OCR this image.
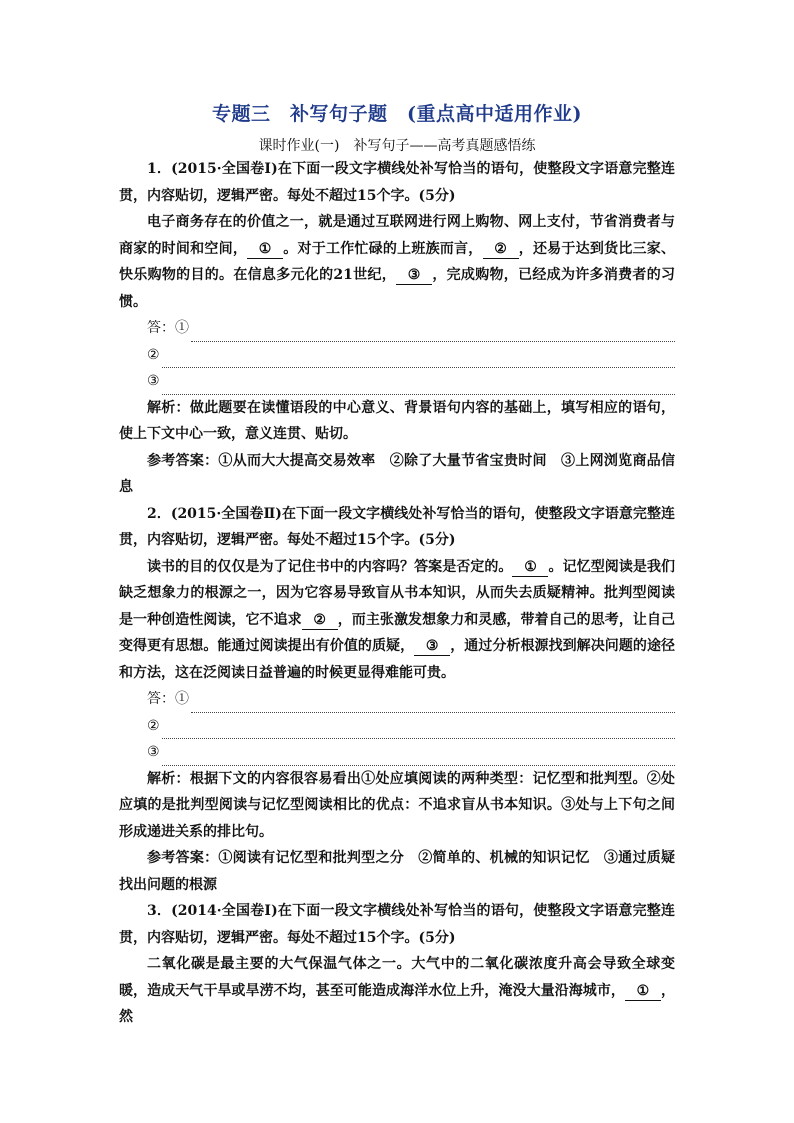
专题三　补写句子题　(重点高中适用作业)
课时作业(一)　补写句子——高考真题感悟练

1．(2015·全国卷Ⅰ)在下面一段文字横线处补写恰当的语句，使整段文字语意完整连贯，内容贴切，逻辑严密。每处不超过15个字。(5分)

电子商务存在的价值之一，就是通过互联网进行网上购物、网上支付，节省消费者与商家的时间和空间， ① 。对于工作忙碌的上班族而言， ② ，还易于达到货比三家、快乐购物的目的。在信息多元化的21世纪， ③ ，完成购物，已经成为许多消费者的习惯。

答：①
②
③

解析：做此题要在读懂语段的中心意义、背景语句内容的基础上，填写相应的语句，使上下文中心一致，意义连贯、贴切。

参考答案：①从而大大提高交易效率　②除了大量节省宝贵时间　③上网浏览商品信息

2．(2015·全国卷Ⅱ)在下面一段文字横线处补写恰当的语句，使整段文字语意完整连贯，内容贴切，逻辑严密。每处不超过15个字。(5分)

读书的目的仅仅是为了记住书中的内容吗？答案是否定的。 ① 。记忆型阅读是我们缺乏想象力的根源之一，因为它容易导致盲从书本知识，从而失去质疑精神。批判型阅读是一种创造性阅读，它不追求 ② ，而主张激发想象力和灵感，带着自己的思考，让自己变得更有思想。能通过阅读提出有价值的质疑， ③ ，通过分析根源找到解决问题的途径和方法，这在泛阅读日益普遍的时候更显得难能可贵。

答：①
②
③

解析：根据下文的内容很容易看出①处应填阅读的两种类型：记忆型和批判型。②处应填的是批判型阅读与记忆型阅读相比的优点：不追求盲从书本知识。③处与上下句之间形成递进关系的排比句。

参考答案：①阅读有记忆型和批判型之分　②简单的、机械的知识记忆　③通过质疑找出问题的根源

3．(2014·全国卷Ⅰ)在下面一段文字横线处补写恰当的语句，使整段文字语意完整连贯，内容贴切，逻辑严密。每处不超过15个字。(5分)

二氧化碳是最主要的大气保温气体之一。大气中的二氧化碳浓度升高会导致全球变暖，造成天气干旱或旱涝不均，甚至可能造成海洋水位上升，淹没大量沿海城市， ① ，然
